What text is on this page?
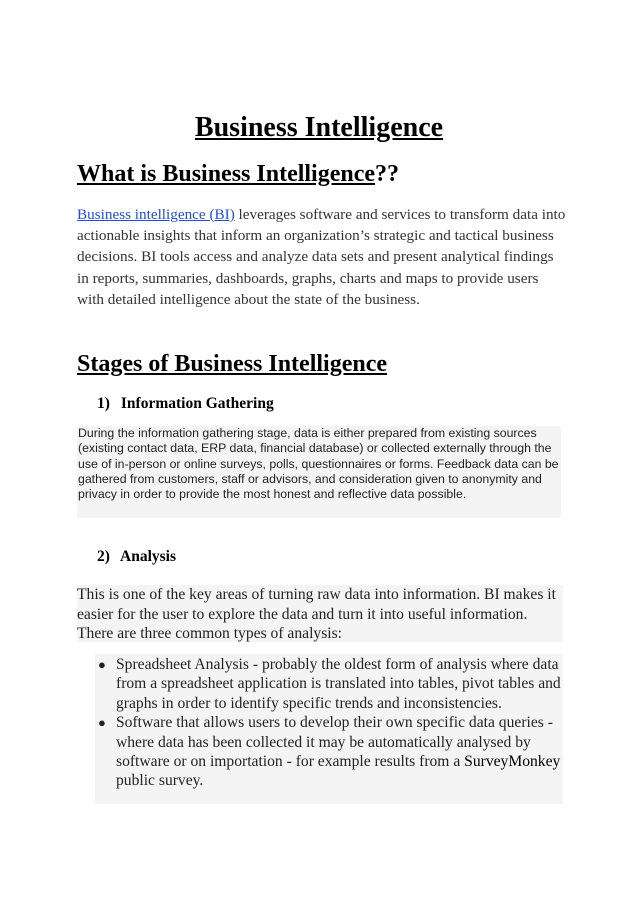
Business Intelligence
What is Business Intelligence??
Business intelligence (BI) leverages software and services to transform data into actionable insights that inform an organization’s strategic and tactical business decisions. BI tools access and analyze data sets and present analytical findings in reports, summaries, dashboards, graphs, charts and maps to provide users with detailed intelligence about the state of the business.
Stages of Business Intelligence
1) Information Gathering
During the information gathering stage, data is either prepared from existing sources (existing contact data, ERP data, financial database) or collected externally through the use of in-person or online surveys, polls, questionnaires or forms. Feedback data can be gathered from customers, staff or advisors, and consideration given to anonymity and privacy in order to provide the most honest and reflective data possible.
2) Analysis
This is one of the key areas of turning raw data into information. BI makes it easier for the user to explore the data and turn it into useful information. There are three common types of analysis:
● Spreadsheet Analysis - probably the oldest form of analysis where data from a spreadsheet application is translated into tables, pivot tables and graphs in order to identify specific trends and inconsistencies.
● Software that allows users to develop their own specific data queries - where data has been collected it may be automatically analysed by software or on importation - for example results from a SurveyMonkey public survey.
